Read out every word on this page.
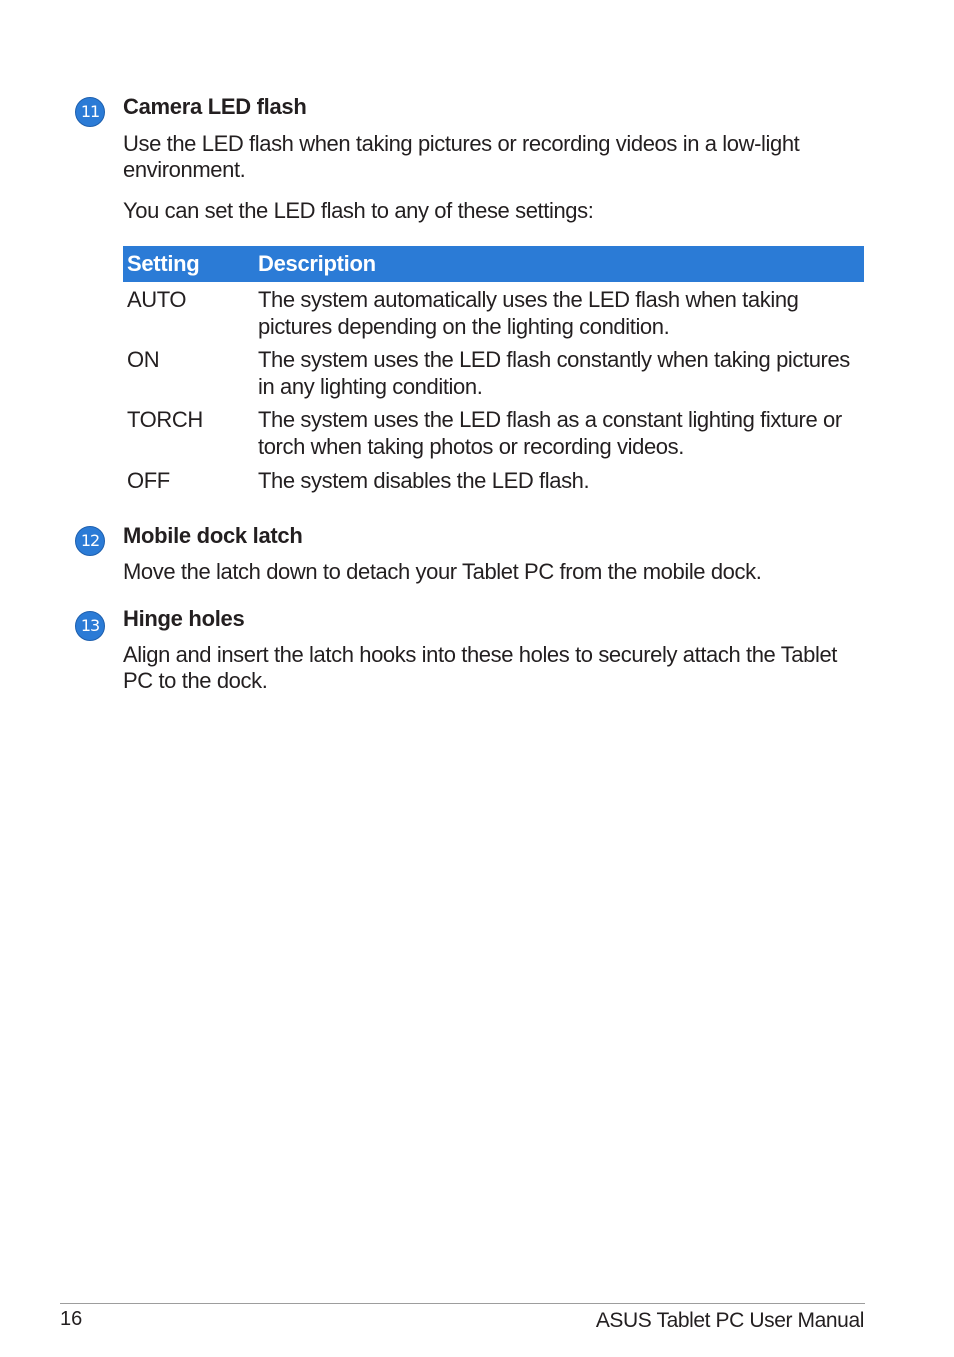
11 Camera LED flash
Use the LED flash when taking pictures or recording videos in a low-light environment.
You can set the LED flash to any of these settings:
Setting	Description
AUTO	The system automatically uses the LED flash when taking pictures depending on the lighting condition.
ON	The system uses the LED flash constantly when taking pictures in any lighting condition.
TORCH	The system uses the LED flash as a constant lighting fixture or torch when taking photos or recording videos.
OFF	The system disables the LED flash.
12 Mobile dock latch
Move the latch down to detach your Tablet PC from the mobile dock.
13 Hinge holes
Align and insert the latch hooks into these holes to securely attach the Tablet PC to the dock.
16	ASUS Tablet PC User Manual
